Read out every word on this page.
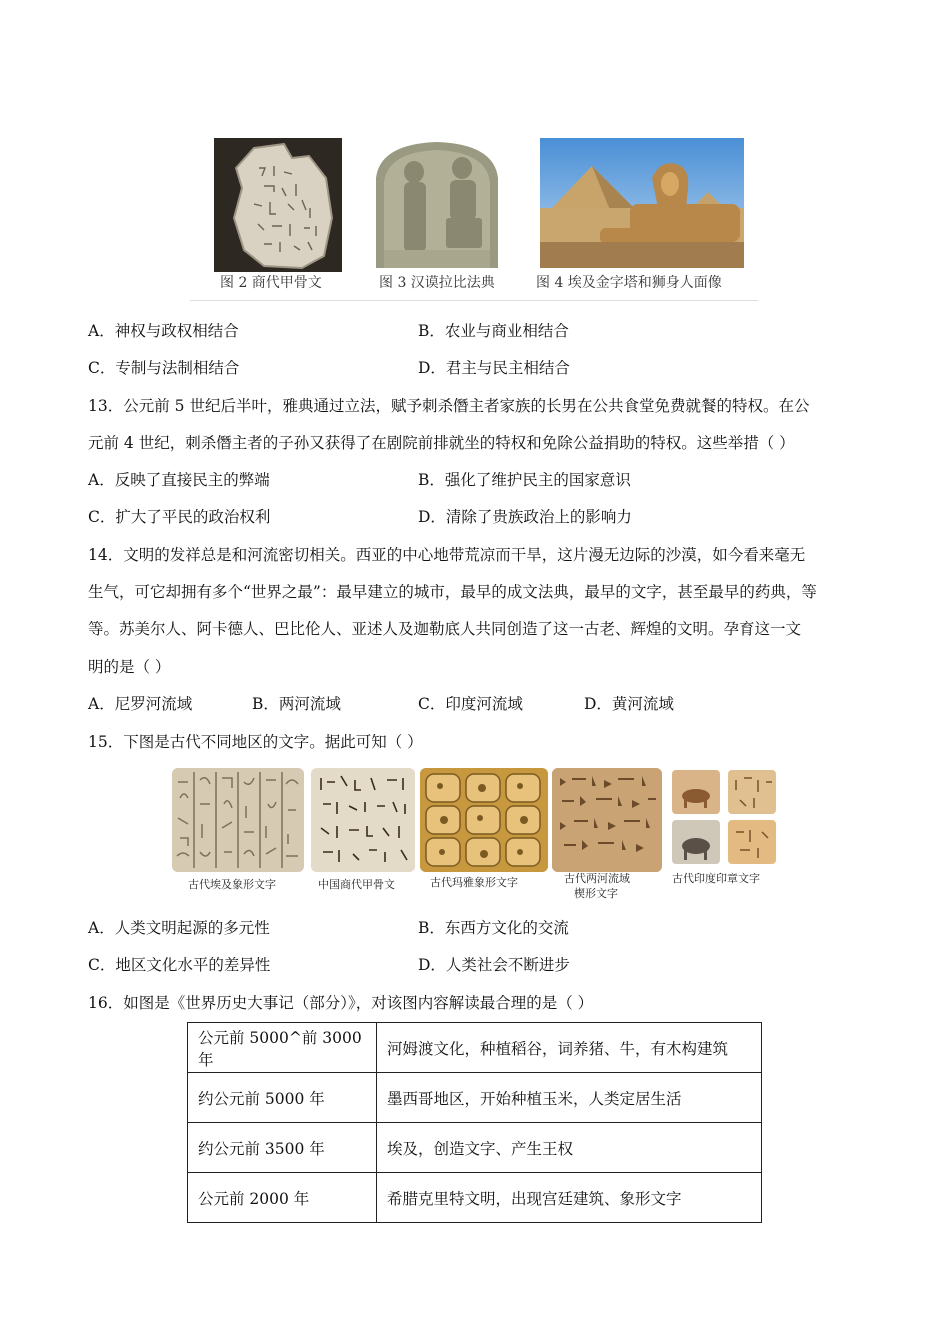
图 2 商代甲骨文	图 3 汉谟拉比法典	图 4 埃及金字塔和狮身人面像
A．神权与政权相结合	B．农业与商业相结合
C．专制与法制相结合	D．君主与民主相结合
13．公元前 5 世纪后半叶，雅典通过立法，赋予刺杀僭主者家族的长男在公共食堂免费就餐的特权。在公
元前 4 世纪，刺杀僭主者的子孙又获得了在剧院前排就坐的特权和免除公益捐助的特权。这些举措（ ）
A．反映了直接民主的弊端	B．强化了维护民主的国家意识
C．扩大了平民的政治权利	D．清除了贵族政治上的影响力
14．文明的发祥总是和河流密切相关。西亚的中心地带荒凉而干旱，这片漫无边际的沙漠，如今看来毫无
生气，可它却拥有多个“世界之最”：最早建立的城市，最早的成文法典，最早的文字，甚至最早的药典，等
等。苏美尔人、阿卡德人、巴比伦人、亚述人及迦勒底人共同创造了这一古老、辉煌的文明。孕育这一文
明的是（ ）
A．尼罗河流域	B．两河流域	C．印度河流域	D．黄河流域
15．下图是古代不同地区的文字。据此可知（ ）
古代埃及象形文字	中国商代甲骨文	古代玛雅象形文字	古代两河流域
楔形文字
古代印度印章文字
A．人类文明起源的多元性	B．东西方文化的交流
C．地区文化水平的差异性	D．人类社会不断进步
16．如图是《世界历史大事记（部分）》，对该图内容解读最合理的是（ ）
公元前 5000^前 3000 年	河姆渡文化，种植稻谷，词养猪、牛，有木构建筑
约公元前 5000 年	墨西哥地区，开始种植玉米，人类定居生活
约公元前 3500 年	埃及，创造文字、产生王权
公元前 2000 年	希腊克里特文明，出现宫廷建筑、象形文字
